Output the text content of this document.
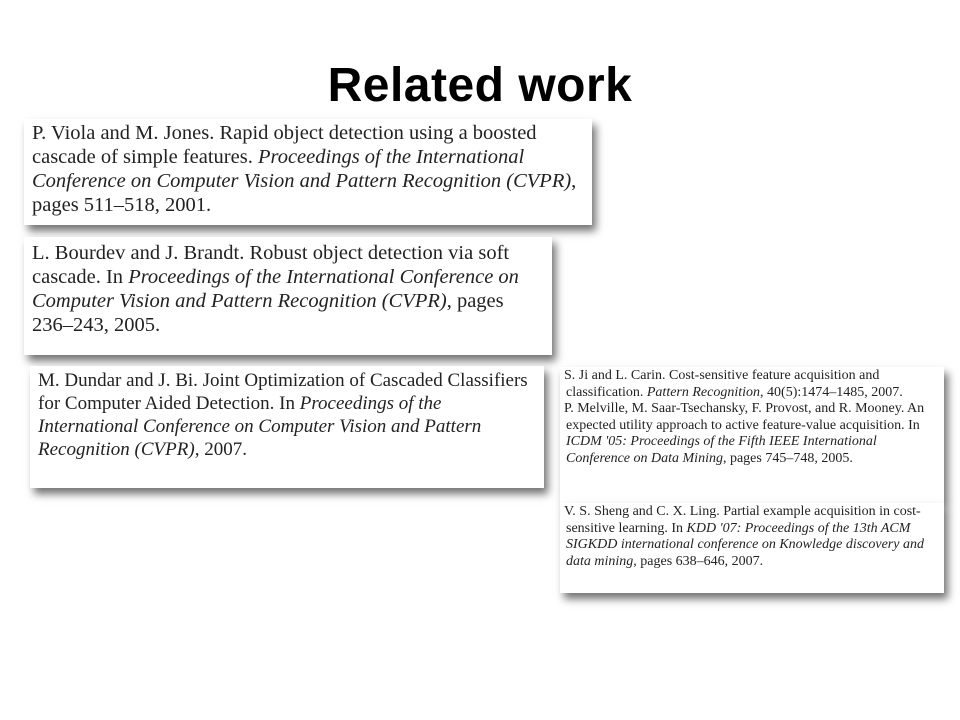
Related work

P. Viola and M. Jones. Rapid object detection using a boosted cascade of simple features. Proceedings of the International Conference on Computer Vision and Pattern Recognition (CVPR), pages 511–518, 2001.

L. Bourdev and J. Brandt. Robust object detection via soft cascade. In Proceedings of the International Conference on Computer Vision and Pattern Recognition (CVPR), pages 236–243, 2005.

M. Dundar and J. Bi. Joint Optimization of Cascaded Classifiers for Computer Aided Detection. In Proceedings of the International Conference on Computer Vision and Pattern Recognition (CVPR), 2007.

S. Ji and L. Carin. Cost-sensitive feature acquisition and classification. Pattern Recognition, 40(5):1474–1485, 2007.

P. Melville, M. Saar-Tsechansky, F. Provost, and R. Mooney. An expected utility approach to active feature-value acquisition. In ICDM '05: Proceedings of the Fifth IEEE International Conference on Data Mining, pages 745–748, 2005.

V. S. Sheng and C. X. Ling. Partial example acquisition in cost-sensitive learning. In KDD '07: Proceedings of the 13th ACM SIGKDD international conference on Knowledge discovery and data mining, pages 638–646, 2007.
